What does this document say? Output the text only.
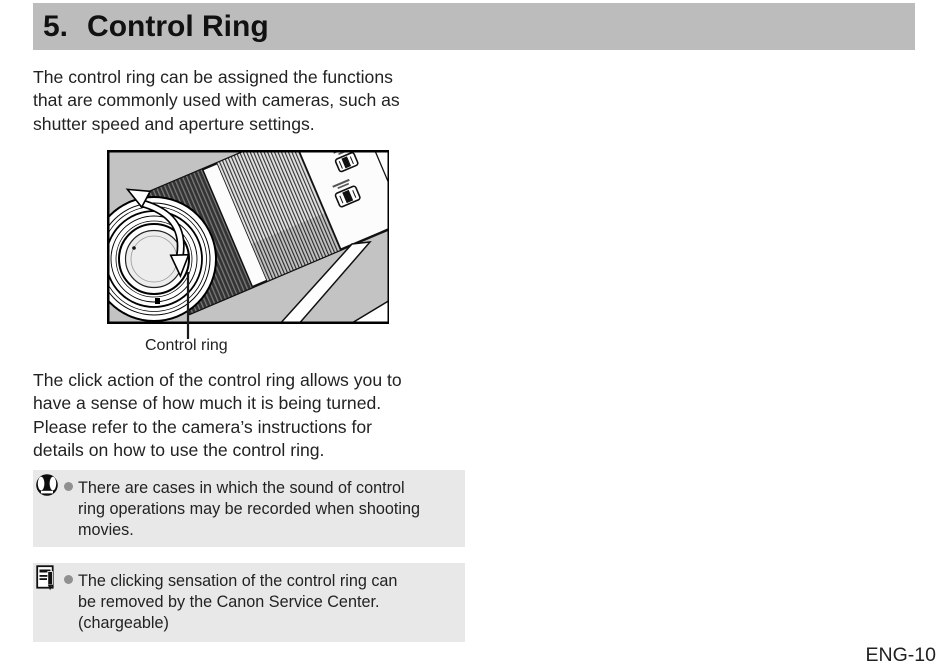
5. Control Ring
The control ring can be assigned the functions
that are commonly used with cameras, such as
shutter speed and aperture settings.
Control ring
The click action of the control ring allows you to
have a sense of how much it is being turned.
Please refer to the camera’s instructions for
details on how to use the control ring.
There are cases in which the sound of control
ring operations may be recorded when shooting
movies.
The clicking sensation of the control ring can
be removed by the Canon Service Center.
(chargeable)
ENG-10
